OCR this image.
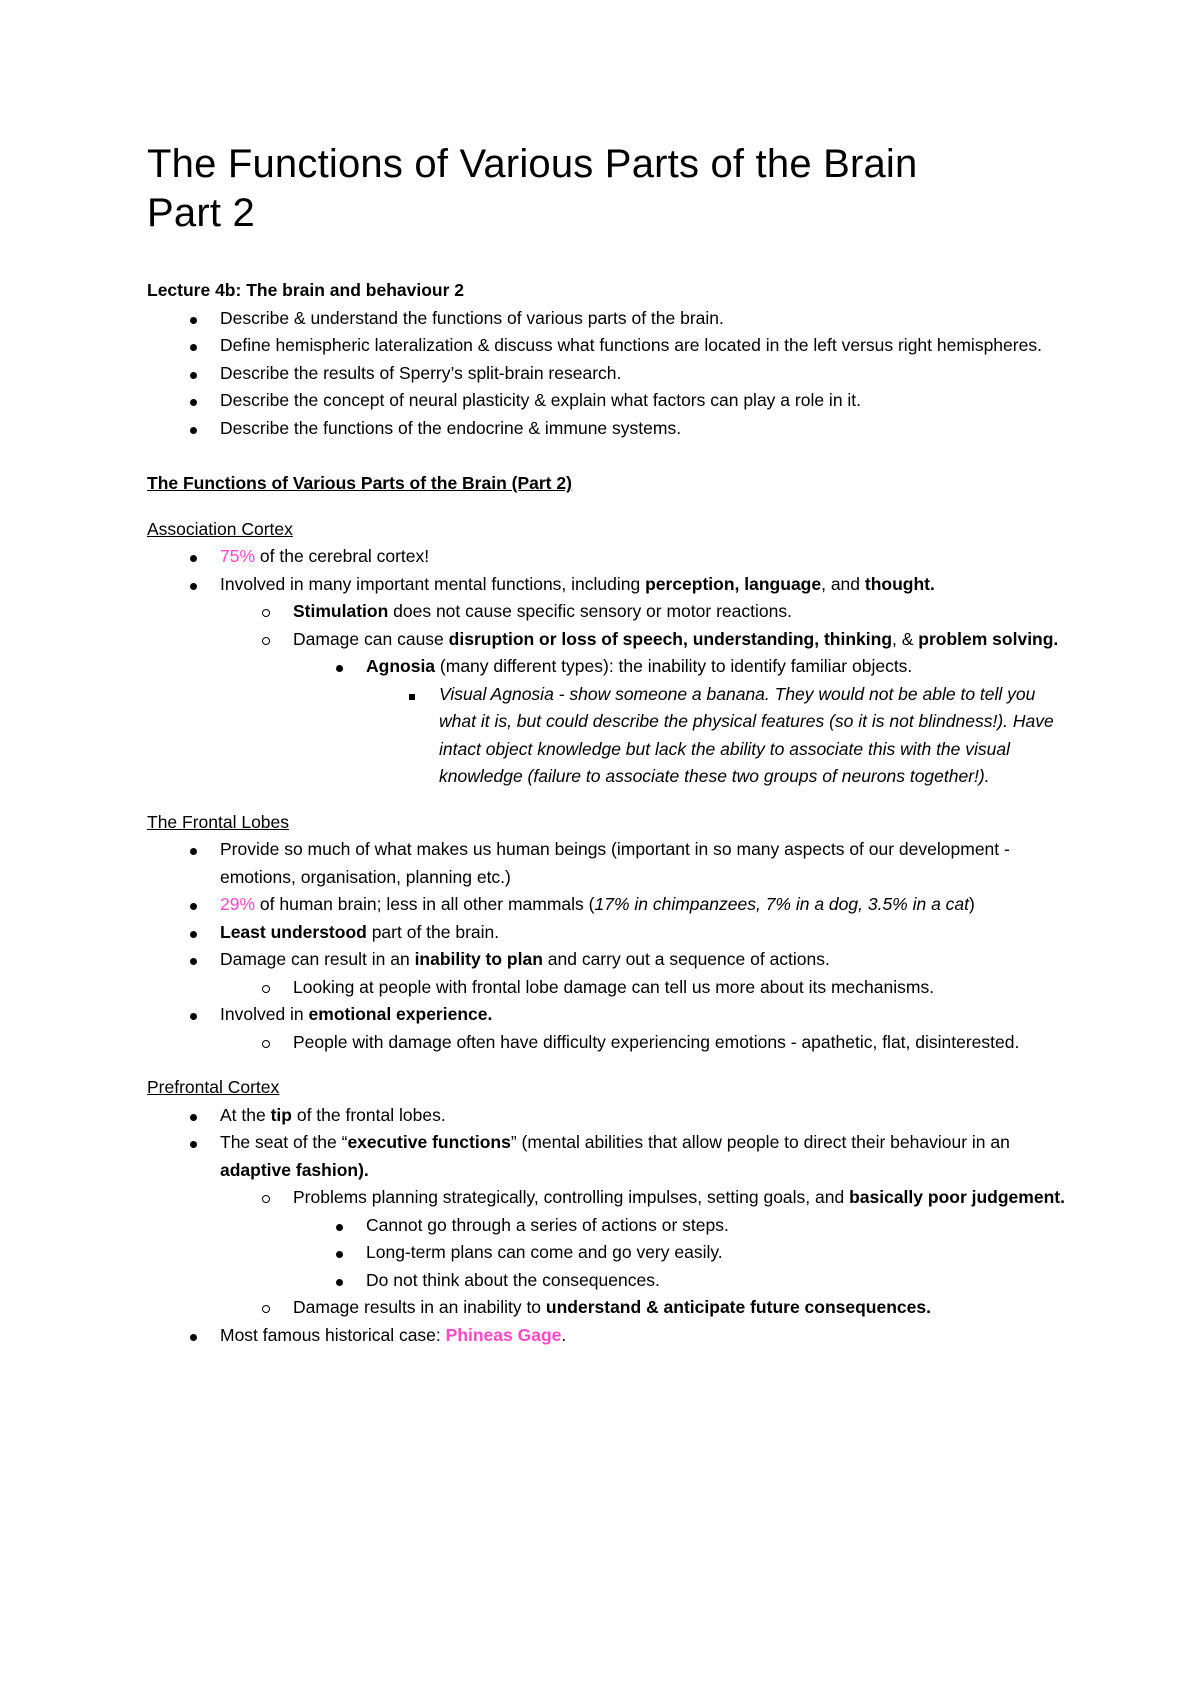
The Functions of Various Parts of the Brain
Part 2

Lecture 4b: The brain and behaviour 2

Describe & understand the functions of various parts of the brain.
Define hemispheric lateralization & discuss what functions are located in the left versus right hemispheres.
Describe the results of Sperry’s split-brain research.
Describe the concept of neural plasticity & explain what factors can play a role in it.
Describe the functions of the endocrine & immune systems.

The Functions of Various Parts of the Brain (Part 2)

Association Cortex

75% of the cerebral cortex!
Involved in many important mental functions, including perception, language, and thought.
Stimulation does not cause specific sensory or motor reactions.
Damage can cause disruption or loss of speech, understanding, thinking, & problem solving.
Agnosia (many different types): the inability to identify familiar objects.
Visual Agnosia - show someone a banana. They would not be able to tell you what it is, but could describe the physical features (so it is not blindness!). Have intact object knowledge but lack the ability to associate this with the visual knowledge (failure to associate these two groups of neurons together!).

The Frontal Lobes

Provide so much of what makes us human beings (important in so many aspects of our development - emotions, organisation, planning etc.)
29% of human brain; less in all other mammals (17% in chimpanzees, 7% in a dog, 3.5% in a cat)
Least understood part of the brain.
Damage can result in an inability to plan and carry out a sequence of actions.
Looking at people with frontal lobe damage can tell us more about its mechanisms.
Involved in emotional experience.
People with damage often have difficulty experiencing emotions - apathetic, flat, disinterested.

Prefrontal Cortex

At the tip of the frontal lobes.
The seat of the “executive functions” (mental abilities that allow people to direct their behaviour in an adaptive fashion).
Problems planning strategically, controlling impulses, setting goals, and basically poor judgement.
Cannot go through a series of actions or steps.
Long-term plans can come and go very easily.
Do not think about the consequences.
Damage results in an inability to understand & anticipate future consequences.
Most famous historical case: Phineas Gage.
